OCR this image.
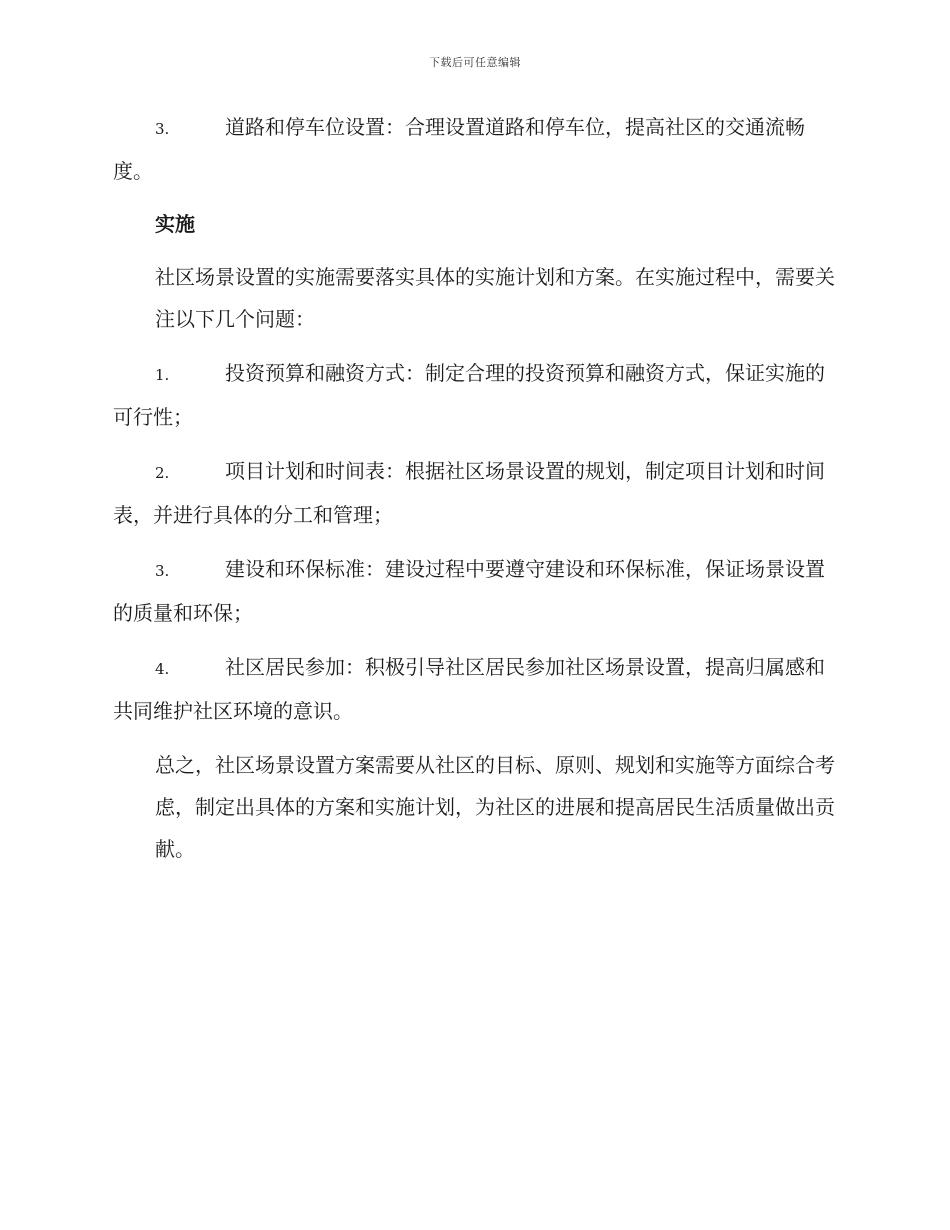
下载后可任意编辑
3.	道路和停车位设置：合理设置道路和停车位，提高社区的交通流畅度。
实施
社区场景设置的实施需要落实具体的实施计划和方案。在实施过程中，需要关注以下几个问题：
1.	投资预算和融资方式：制定合理的投资预算和融资方式，保证实施的可行性；
2.	项目计划和时间表：根据社区场景设置的规划，制定项目计划和时间表，并进行具体的分工和管理；
3.	建设和环保标准：建设过程中要遵守建设和环保标准，保证场景设置的质量和环保；
4.	社区居民参加：积极引导社区居民参加社区场景设置，提高归属感和共同维护社区环境的意识。
总之，社区场景设置方案需要从社区的目标、原则、规划和实施等方面综合考虑，制定出具体的方案和实施计划，为社区的进展和提高居民生活质量做出贡献。
